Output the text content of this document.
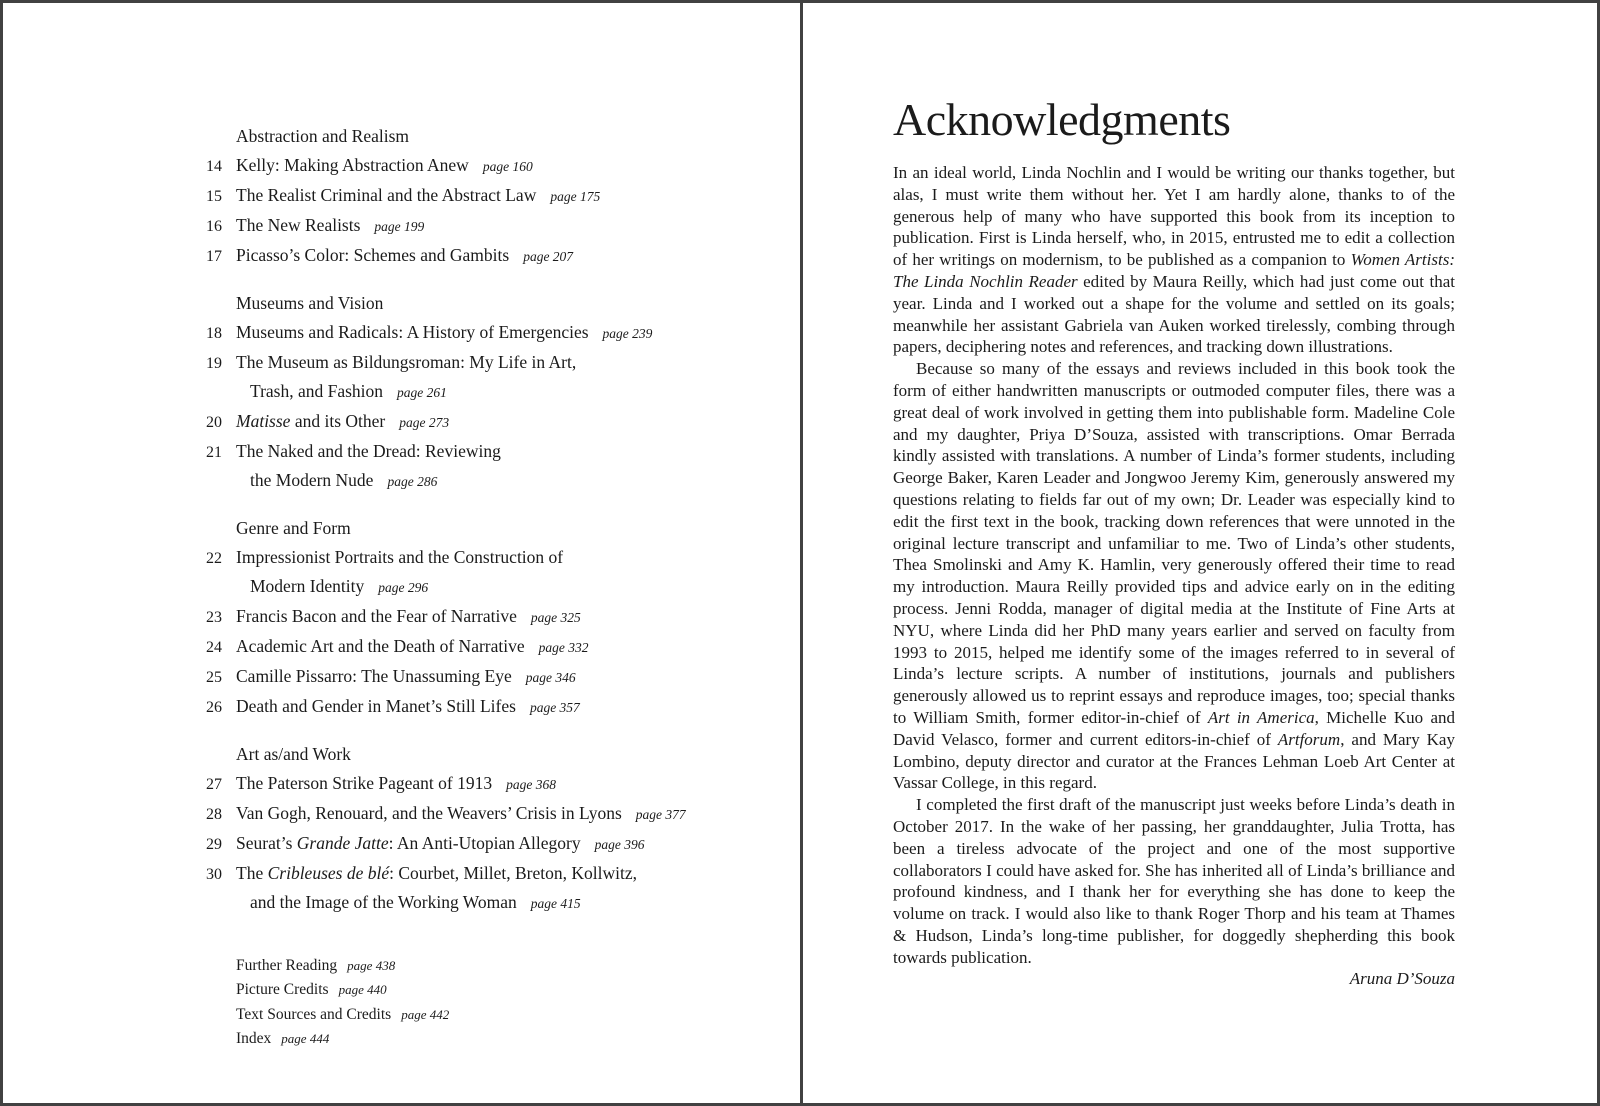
Abstraction and Realism
14 Kelly: Making Abstraction Anew page 160
15 The Realist Criminal and the Abstract Law page 175
16 The New Realists page 199
17 Picasso’s Color: Schemes and Gambits page 207
Museums and Vision
18 Museums and Radicals: A History of Emergencies page 239
19 The Museum as Bildungsroman: My Life in Art,
Trash, and Fashion page 261
20 Matisse and its Other page 273
21 The Naked and the Dread: Reviewing
the Modern Nude page 286
Genre and Form
22 Impressionist Portraits and the Construction of
Modern Identity page 296
23 Francis Bacon and the Fear of Narrative page 325
24 Academic Art and the Death of Narrative page 332
25 Camille Pissarro: The Unassuming Eye page 346
26 Death and Gender in Manet’s Still Lifes page 357
Art as/and Work
27 The Paterson Strike Pageant of 1913 page 368
28 Van Gogh, Renouard, and the Weavers’ Crisis in Lyons page 377
29 Seurat’s Grande Jatte: An Anti-Utopian Allegory page 396
30 The Cribleuses de blé: Courbet, Millet, Breton, Kollwitz,
and the Image of the Working Woman page 415
Further Reading page 438
Picture Credits page 440
Text Sources and Credits page 442
Index page 444
Acknowledgments

In an ideal world, Linda Nochlin and I would be writing our thanks together, but alas, I must write them without her. Yet I am hardly alone, thanks to of the generous help of many who have supported this book from its inception to publication. First is Linda herself, who, in 2015, entrusted me to edit a collection of her writings on modernism, to be published as a companion to Women Artists: The Linda Nochlin Reader edited by Maura Reilly, which had just come out that year. Linda and I worked out a shape for the volume and settled on its goals; meanwhile her assistant Gabriela van Auken worked tirelessly, combing through papers, deciphering notes and references, and tracking down illustrations.

Because so many of the essays and reviews included in this book took the form of either handwritten manuscripts or outmoded computer files, there was a great deal of work involved in getting them into publishable form. Madeline Cole and my daughter, Priya D’Souza, assisted with transcriptions. Omar Berrada kindly assisted with translations. A number of Linda’s former students, including George Baker, Karen Leader and Jongwoo Jeremy Kim, generously answered my questions relating to fields far out of my own; Dr. Leader was especially kind to edit the first text in the book, tracking down references that were unnoted in the original lecture transcript and unfamiliar to me. Two of Linda’s other students, Thea Smolinski and Amy K. Hamlin, very generously offered their time to read my introduction. Maura Reilly provided tips and advice early on in the editing process. Jenni Rodda, manager of digital media at the Institute of Fine Arts at NYU, where Linda did her PhD many years earlier and served on faculty from 1993 to 2015, helped me identify some of the images referred to in several of Linda’s lecture scripts. A number of institutions, journals and publishers generously allowed us to reprint essays and reproduce images, too; special thanks to William Smith, former editor-in-chief of Art in America, Michelle Kuo and David Velasco, former and current editors-in-chief of Artforum, and Mary Kay Lombino, deputy director and curator at the Frances Lehman Loeb Art Center at Vassar College, in this regard.

I completed the first draft of the manuscript just weeks before Linda’s death in October 2017. In the wake of her passing, her granddaughter, Julia Trotta, has been a tireless advocate of the project and one of the most supportive collaborators I could have asked for. She has inherited all of Linda’s brilliance and profound kindness, and I thank her for everything she has done to keep the volume on track. I would also like to thank Roger Thorp and his team at Thames & Hudson, Linda’s long-time publisher, for doggedly shepherding this book towards publication.

Aruna D’Souza
